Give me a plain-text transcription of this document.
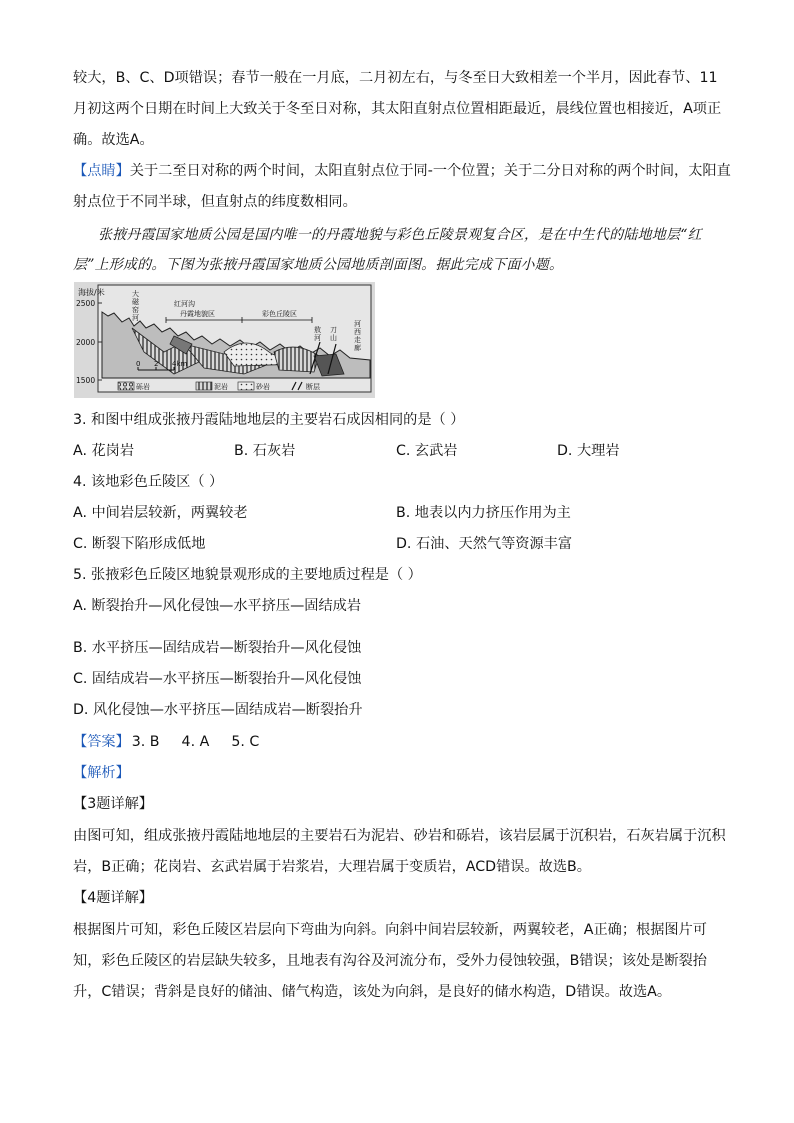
较大，B、C、D项错误；春节一般在一月底，二月初左右，与冬至日大致相差一个半月，因此春节、11
月初这两个日期在时间上大致关于冬至日对称，其太阳直射点位置相距最近，晨线位置也相接近，A项正
确。故选A。
【点睛】关于二至日对称的两个时间，太阳直射点位于同-一个位置；关于二分日对称的两个时间，太阳直
射点位于不同半球，但直射点的纬度数相同。
张掖丹霞国家地质公园是国内唯一的丹霞地貌与彩色丘陵景观复合区，是在中生代的陆地地层“红
层”上形成的。下图为张掖丹霞国家地质公园地质剖面图。据此完成下面小题。
海拔/米
2500
2000
1500
大
磁
窑
河
红河沟
丹霞地貌区	彩色丘陵区
敖
河
刀
山
河
西
走
廊
0 2 4km
砾岩	泥岩	砂岩	断层
3. 和图中组成张掖丹霞陆地地层的主要岩石成因相同的是（ ）
A. 花岗岩	B. 石灰岩	C. 玄武岩	D. 大理岩
4. 该地彩色丘陵区（ ）
A. 中间岩层较新，两翼较老	B. 地表以内力挤压作用为主
C. 断裂下陷形成低地	D. 石油、天然气等资源丰富
5. 张掖彩色丘陵区地貌景观形成的主要地质过程是（ ）
A. 断裂抬升—风化侵蚀—水平挤压—固结成岩
B. 水平挤压—固结成岩—断裂抬升—风化侵蚀
C. 固结成岩—水平挤压—断裂抬升—风化侵蚀
D. 风化侵蚀—水平挤压—固结成岩—断裂抬升
【答案】 3. B 4. A 5. C
【解析】
【3题详解】
由图可知，组成张掖丹霞陆地地层的主要岩石为泥岩、砂岩和砾岩，该岩层属于沉积岩，石灰岩属于沉积
岩，B正确；花岗岩、玄武岩属于岩浆岩，大理岩属于变质岩，ACD错误。故选B。
【4题详解】
根据图片可知，彩色丘陵区岩层向下弯曲为向斜。向斜中间岩层较新，两翼较老，A正确；根据图片可
知，彩色丘陵区的岩层缺失较多，且地表有沟谷及河流分布，受外力侵蚀较强，B错误；该处是断裂抬
升，C错误；背斜是良好的储油、储气构造，该处为向斜，是良好的储水构造，D错误。故选A。
